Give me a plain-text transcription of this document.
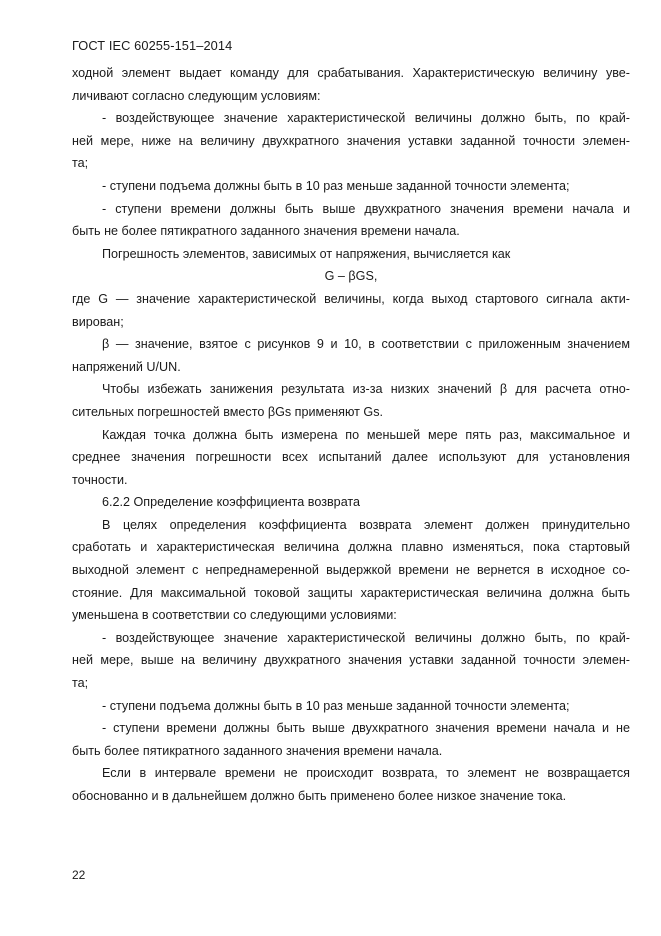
ГОСТ IEC 60255-151–2014

ходной элемент выдает команду для срабатывания. Характеристическую величину уве-

личивают согласно следующим условиям:

- воздействующее значение характеристической величины должно быть, по край-

ней мере, ниже на величину двухкратного значения уставки заданной точности элемен-

та;

- ступени подъема должны быть в 10 раз меньше заданной точности элемента;

- ступени времени должны быть выше двухкратного значения времени начала и

быть не более пятикратного заданного значения времени начала.

Погрешность элементов, зависимых от напряжения, вычисляется как

G – βGS,

где G — значение характеристической величины, когда выход стартового сигнала акти-

вирован;

β — значение, взятое с рисунков 9 и 10, в соответствии с приложенным значением

напряжений U/UN.

Чтобы избежать занижения результата из-за низких значений β для расчета отно-

сительных погрешностей вместо βGs применяют Gs.

Каждая точка должна быть измерена по меньшей мере пять раз, максимальное и

среднее значения погрешности всех испытаний далее используют для установления

точности.

6.2.2 Определение коэффициента возврата

В целях определения коэффициента возврата элемент должен принудительно

сработать и характеристическая величина должна плавно изменяться, пока стартовый

выходной элемент с непреднамеренной выдержкой времени не вернется в исходное со-

стояние. Для максимальной токовой защиты характеристическая величина должна быть

уменьшена в соответствии со следующими условиями:

- воздействующее значение характеристической величины должно быть, по край-

ней мере, выше на величину двухкратного значения уставки заданной точности элемен-

та;

- ступени подъема должны быть в 10 раз меньше заданной точности элемента;

- ступени времени должны быть выше двухкратного значения времени начала и не

быть более пятикратного заданного значения времени начала.

Если в интервале времени не происходит возврата, то элемент не возвращается

обоснованно и в дальнейшем должно быть применено более низкое значение тока.

22
